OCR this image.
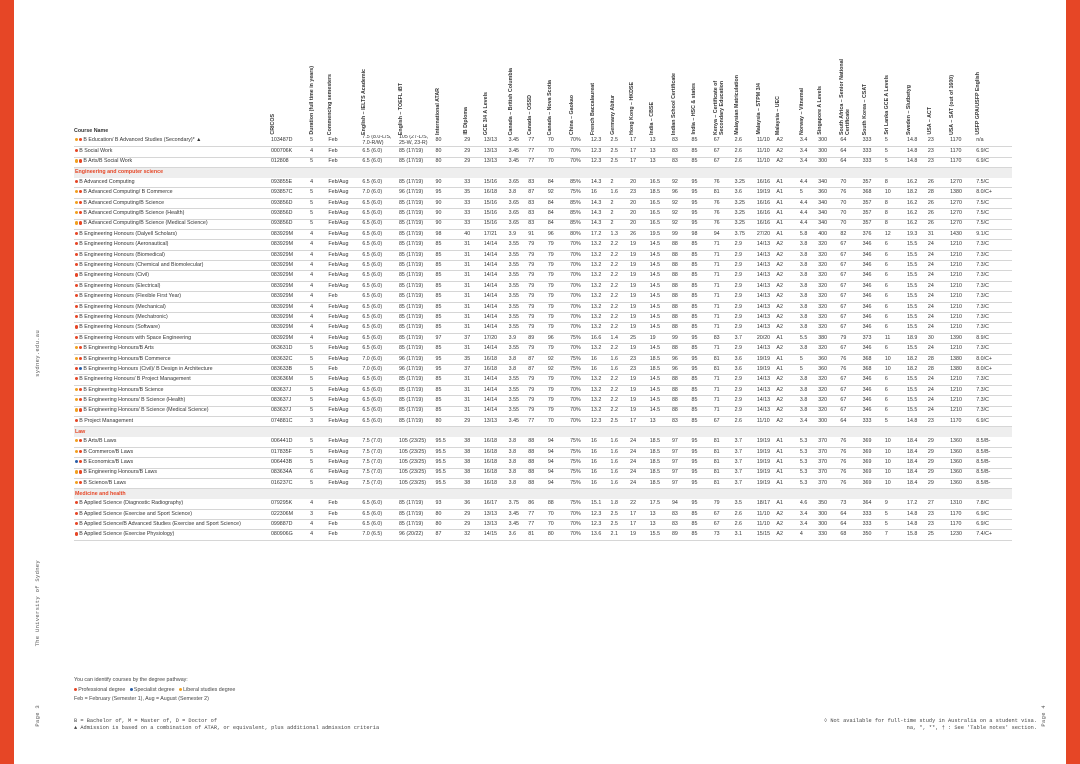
sydney.edu.au
The University of Sydney
Page 3	Page 4
Course Name	CRICOS	Duration (full time in years)	Commencing semesters	English – IELTS Academic	English – TOEFL iBT	International ATAR	IB Diploma	GCE 3/4 A Levels	Canada – British Columbia	Canada – OSSD	Canada – Nova Scotia	China – Gaokao	French Baccalaureat	Germany Abitur	Hong Kong – HKDSE	India – CBSE	Indian School Certificate	India – HSC & states	Kenya – Certificate of Secondary Education	Malaysian Matriculation	Malaysia – STPM 3/4	Malaysia – UEC	Norway – Vitnemal	Singapore A Levels	South Africa – Senior National Certificate	South Korea – CSAT	Sri Lanka GCE A Levels	Sweden – Slutbetyg	USA – ACT	USA – SAT (out of 1600)	USFP GPA/USFP English

B Education/ B Advanced Studies (Secondary)* ▲	103487D	5	Feb	7.5 (8.0-L/S, 7.0-R/W)	105 (27-L/S, 25-W, 23-R)	80	29	13/13	3.45	77	70	70%	12.3	2.5	17	13	83	85	67	2.6	11/10	A2	3.4	300	64	333	5	14.8	23	1170	n/a
B Social Work	000706K	4	Feb	6.5 (6.0)	85 (17/19)	80	29	13/13	3.45	77	70	70%	12.3	2.5	17	13	83	85	67	2.6	11/10	A2	3.4	300	64	333	5	14.8	23	1170	6.9/C
B Arts/B Social Work	012808	5	Feb	6.5 (6.0)	85 (17/19)	80	29	13/13	3.45	77	70	70%	12.3	2.5	17	13	83	85	67	2.6	11/10	A2	3.4	300	64	333	5	14.8	23	1170	6.9/C
Engineering and computer science																															
B Advanced Computing	093855E	4	Feb/Aug	6.5 (6.0)	85 (17/19)	90	33	15/16	3.65	83	84	85%	14.3	2	20	16.5	92	95	76	3.25	16/16	A1	4.4	340	70	357	8	16.2	26	1270	7.5/C
B Advanced Computing/ B Commerce	093857C	5	Feb/Aug	7.0 (6.0)	96 (17/19)	95	35	16/18	3.8	87	92	75%	16	1.6	23	18.5	96	95	81	3.6	19/19	A1	5	360	76	368	10	18.2	28	1380	8.0/C+
B Advanced Computing/B Science	093856D	5	Feb/Aug	6.5 (6.0)	85 (17/19)	90	33	15/16	3.65	83	84	85%	14.3	2	20	16.5	92	95	76	3.25	16/16	A1	4.4	340	70	357	8	16.2	26	1270	7.5/C
B Advanced Computing/B Science (Health)	093856D	5	Feb/Aug	6.5 (6.0)	85 (17/19)	90	33	15/16	3.65	83	84	85%	14.3	2	20	16.5	92	95	76	3.25	16/16	A1	4.4	340	70	357	8	16.2	26	1270	7.5/C
B Advanced Computing/B Science (Medical Science)	093856D	5	Feb/Aug	6.5 (6.0)	85 (17/19)	90	33	15/16	3.65	83	84	85%	14.3	2	20	16.5	92	95	76	3.25	16/16	A1	4.4	340	70	357	8	16.2	26	1270	7.5/C
B Engineering Honours (Dalyell Scholars)	083929M	4	Feb/Aug	6.5 (6.0)	85 (17/19)	98	40	17/21	3.9	91	96	80%	17.2	1.3	26	19.5	99	98	94	3.75	27/20	A1	5.8	400	82	376	12	19.3	31	1430	9.1/C
B Engineering Honours (Aeronautical)	083929M	4	Feb/Aug	6.5 (6.0)	85 (17/19)	85	31	14/14	3.55	79	79	70%	13.2	2.2	19	14.5	88	85	71	2.9	14/13	A2	3.8	320	67	346	6	15.5	24	1210	7.3/C
B Engineering Honours (Biomedical)	083929M	4	Feb/Aug	6.5 (6.0)	85 (17/19)	85	31	14/14	3.55	79	79	70%	13.2	2.2	19	14.5	88	85	71	2.9	14/13	A2	3.8	320	67	346	6	15.5	24	1210	7.3/C
B Engineering Honours (Chemical and Biomolecular)	083929M	4	Feb/Aug	6.5 (6.0)	85 (17/19)	85	31	14/14	3.55	79	79	70%	13.2	2.2	19	14.5	88	85	71	2.9	14/13	A2	3.8	320	67	346	6	15.5	24	1210	7.3/C
B Engineering Honours (Civil)	083929M	4	Feb/Aug	6.5 (6.0)	85 (17/19)	85	31	14/14	3.55	79	79	70%	13.2	2.2	19	14.5	88	85	71	2.9	14/13	A2	3.8	320	67	346	6	15.5	24	1210	7.3/C
B Engineering Honours (Electrical)	083929M	4	Feb/Aug	6.5 (6.0)	85 (17/19)	85	31	14/14	3.55	79	79	70%	13.2	2.2	19	14.5	88	85	71	2.9	14/13	A2	3.8	320	67	346	6	15.5	24	1210	7.3/C
B Engineering Honours (Flexible First Year)	083929M	4	Feb	6.5 (6.0)	85 (17/19)	85	31	14/14	3.55	79	79	70%	13.2	2.2	19	14.5	88	85	71	2.9	14/13	A2	3.8	320	67	346	6	15.5	24	1210	7.3/C
B Engineering Honours (Mechanical)	083929M	4	Feb/Aug	6.5 (6.0)	85 (17/19)	85	31	14/14	3.55	79	79	70%	13.2	2.2	19	14.5	88	85	71	2.9	14/13	A2	3.8	320	67	346	6	15.5	24	1210	7.3/C
B Engineering Honours (Mechatronic)	083929M	4	Feb/Aug	6.5 (6.0)	85 (17/19)	85	31	14/14	3.55	79	79	70%	13.2	2.2	19	14.5	88	85	71	2.9	14/13	A2	3.8	320	67	346	6	15.5	24	1210	7.3/C
B Engineering Honours (Software)	083929M	4	Feb/Aug	6.5 (6.0)	85 (17/19)	85	31	14/14	3.55	79	79	70%	13.2	2.2	19	14.5	88	85	71	2.9	14/13	A2	3.8	320	67	346	6	15.5	24	1210	7.3/C
B Engineering Honours with Space Engineering	083929M	4	Feb/Aug	6.5 (6.0)	85 (17/19)	97	37	17/20	3.9	89	96	75%	16.6	1.4	25	19	99	95	83	3.7	20/20	A1	5.5	380	79	373	11	18.9	30	1390	8.9/C
B Engineering Honours/B Arts	063631D	5	Feb/Aug	6.5 (6.0)	85 (17/19)	85	31	14/14	3.55	79	79	70%	13.2	2.2	19	14.5	88	85	71	2.9	14/13	A2	3.8	320	67	346	6	15.5	24	1210	7.3/C
B Engineering Honours/B Commerce	083632C	5	Feb/Aug	7.0 (6.0)	96 (17/19)	95	35	16/18	3.8	87	92	75%	16	1.6	23	18.5	96	95	81	3.6	19/19	A1	5	360	76	368	10	18.2	28	1380	8.0/C+
B Engineering Honours (Civil)/ B Design in Architecture	083633B	5	Feb	7.0 (6.0)	96 (17/19)	95	37	16/18	3.8	87	92	75%	16	1.6	23	18.5	96	95	81	3.6	19/19	A1	5	360	76	368	10	18.2	28	1380	8.0/C+
B Engineering Honours/ B Project Management	083636M	5	Feb/Aug	6.5 (6.0)	85 (17/19)	85	31	14/14	3.55	79	79	70%	13.2	2.2	19	14.5	88	85	71	2.9	14/13	A2	3.8	320	67	346	6	15.5	24	1210	7.3/C
B Engineering Honours/B Science	083637J	5	Feb/Aug	6.5 (6.0)	85 (17/19)	85	31	14/14	3.55	79	79	70%	13.2	2.2	19	14.5	88	85	71	2.9	14/13	A2	3.8	320	67	346	6	15.5	24	1210	7.3/C
B Engineering Honours/ B Science (Health)	083637J	5	Feb/Aug	6.5 (6.0)	85 (17/19)	85	31	14/14	3.55	79	79	70%	13.2	2.2	19	14.5	88	85	71	2.9	14/13	A2	3.8	320	67	346	6	15.5	24	1210	7.3/C
B Engineering Honours/ B Science (Medical Science)	083637J	5	Feb/Aug	6.5 (6.0)	85 (17/19)	85	31	14/14	3.55	79	79	70%	13.2	2.2	19	14.5	88	85	71	2.9	14/13	A2	3.8	320	67	346	6	15.5	24	1210	7.3/C
B Project Management	074881C	3	Feb/Aug	6.5 (6.0)	85 (17/19)	80	29	13/13	3.45	77	70	70%	12.3	2.5	17	13	83	85	67	2.6	11/10	A2	3.4	300	64	333	5	14.8	23	1170	6.9/C
Law																															
B Arts/B Laws	006441D	5	Feb/Aug	7.5 (7.0)	105 (23/25)	95.5	38	16/18	3.8	88	94	75%	16	1.6	24	18.5	97	95	81	3.7	19/19	A1	5.3	370	76	369	10	18.4	29	1360	8.5/B-
B Commerce/B Laws	017835F	5	Feb/Aug	7.5 (7.0)	105 (23/25)	95.5	38	16/18	3.8	88	94	75%	16	1.6	24	18.5	97	95	81	3.7	19/19	A1	5.3	370	76	369	10	18.4	29	1360	8.5/B-
B Economics/B Laws	006443B	5	Feb/Aug	7.5 (7.0)	105 (23/25)	95.5	38	16/18	3.8	88	94	75%	16	1.6	24	18.5	97	95	81	3.7	19/19	A1	5.3	370	76	369	10	18.4	29	1360	8.5/B-
B Engineering Honours/B Laws	083634A	6	Feb/Aug	7.5 (7.0)	105 (23/25)	95.5	38	16/18	3.8	88	94	75%	16	1.6	24	18.5	97	95	81	3.7	19/19	A1	5.3	370	76	369	10	18.4	29	1360	8.5/B-
B Science/B Laws	016237C	5	Feb/Aug	7.5 (7.0)	105 (23/25)	95.5	38	16/18	3.8	88	94	75%	16	1.6	24	18.5	97	95	81	3.7	19/19	A1	5.3	370	76	369	10	18.4	29	1360	8.5/B-
Medicine and health																															
B Applied Science (Diagnostic Radiography)	079295K	4	Feb	6.5 (6.0)	85 (17/19)	93	36	16/17	3.75	86	88	75%	15.1	1.8	22	17.5	94	95	79	3.5	18/17	A1	4.6	350	73	364	9	17.2	27	1310	7.8/C
B Applied Science (Exercise and Sport Science)	022306M	3	Feb	6.5 (6.0)	85 (17/19)	80	29	13/13	3.45	77	70	70%	12.3	2.5	17	13	83	85	67	2.6	11/10	A2	3.4	300	64	333	5	14.8	23	1170	6.9/C
B Applied Science/B Advanced Studies (Exercise and Sport Science)	099887D	4	Feb	6.5 (6.0)	85 (17/19)	80	29	13/13	3.45	77	70	70%	12.3	2.5	17	13	83	85	67	2.6	11/10	A2	3.4	300	64	333	5	14.8	23	1170	6.9/C
B Applied Science (Exercise Physiology)	080906G	4	Feb	7.0 (6.5)	96 (20/22)	87	32	14/15	3.6	81	80	70%	13.6	2.1	19	15.5	89	85	73	3.1	15/15	A2	4	330	68	350	7	15.8	25	1230	7.4/C+
You can identify courses by the degree pathway:
Professional degree Specialist degree Liberal studies degree
Feb = February (Semester 1), Aug = August (Semester 2)
B = Bachelor of, M = Master of, D = Doctor of
▲ Admission is based on a combination of ATAR, or equivalent, plus additional admission criteria
◊ Not available for full-time study in Australia on a student visa.
na, *, **, † : See 'Table notes' section.
